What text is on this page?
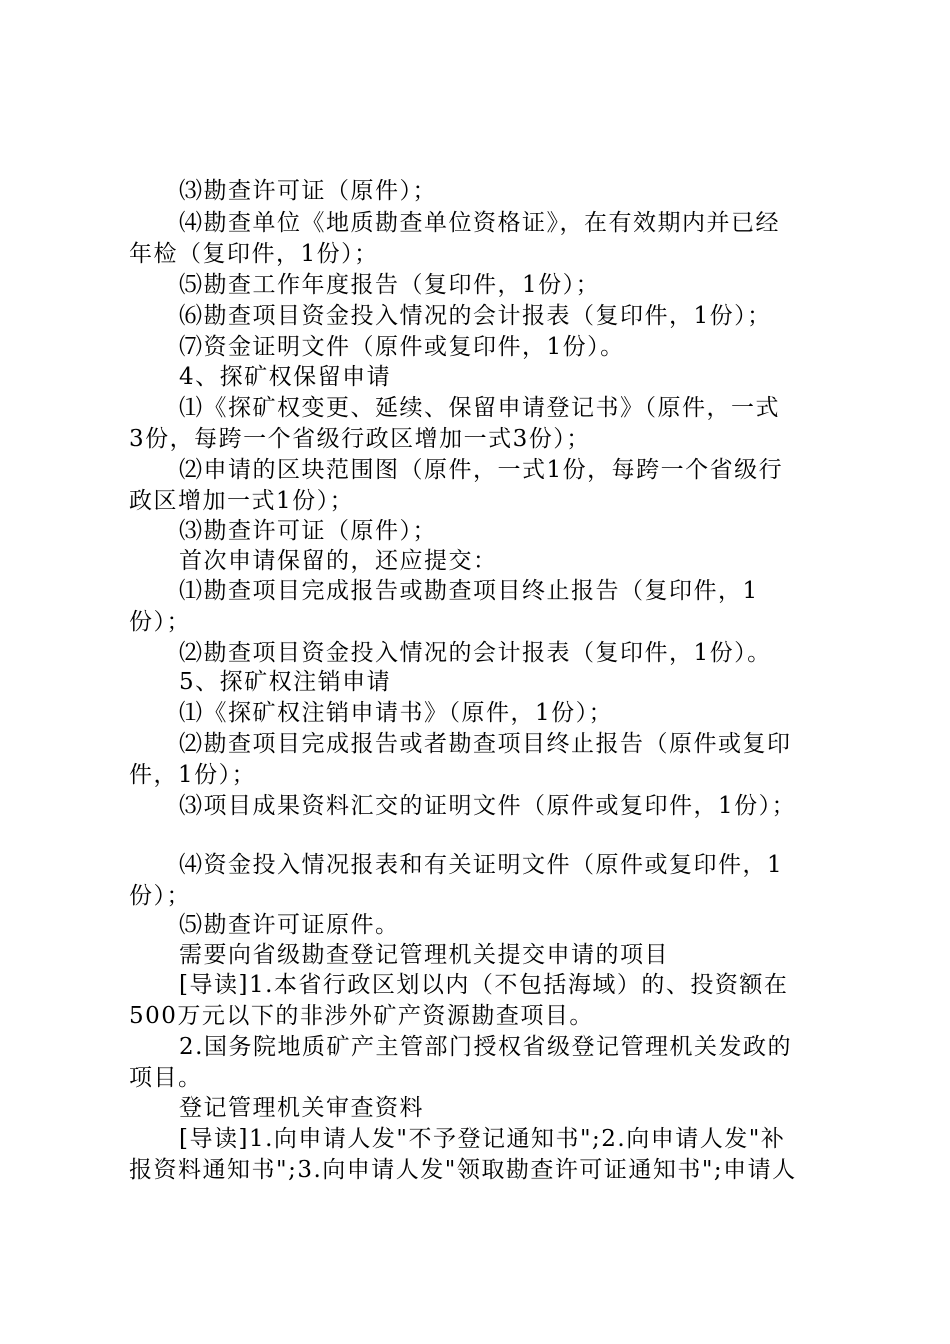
⑶勘查许可证（原件）；
⑷勘查单位《地质勘查单位资格证》，在有效期内并已经
年检（复印件，1份）；
⑸勘查工作年度报告（复印件，1份）；
⑹勘查项目资金投入情况的会计报表（复印件，1份）；
⑺资金证明文件（原件或复印件，1份）。
4、探矿权保留申请
⑴《探矿权变更、延续、保留申请登记书》（原件，一式
3份，每跨一个省级行政区增加一式3份）；
⑵申请的区块范围图（原件，一式1份，每跨一个省级行
政区增加一式1份）；
⑶勘查许可证（原件）；
首次申请保留的，还应提交：
⑴勘查项目完成报告或勘查项目终止报告（复印件，1
份）；
⑵勘查项目资金投入情况的会计报表（复印件，1份）。
5、探矿权注销申请
⑴《探矿权注销申请书》（原件，1份）；
⑵勘查项目完成报告或者勘查项目终止报告（原件或复印
件，1份）；
⑶项目成果资料汇交的证明文件（原件或复印件，1份）；
⑷资金投入情况报表和有关证明文件（原件或复印件，1
份）；
⑸勘查许可证原件。
需要向省级勘查登记管理机关提交申请的项目
[导读]1.本省行政区划以内（不包括海域）的、投资额在
500万元以下的非涉外矿产资源勘查项目。
2.国务院地质矿产主管部门授权省级登记管理机关发政的
项目。
登记管理机关审查资料
[导读]1.向申请人发"不予登记通知书";2.向申请人发"补
报资料通知书";3.向申请人发"领取勘查许可证通知书";申请人
